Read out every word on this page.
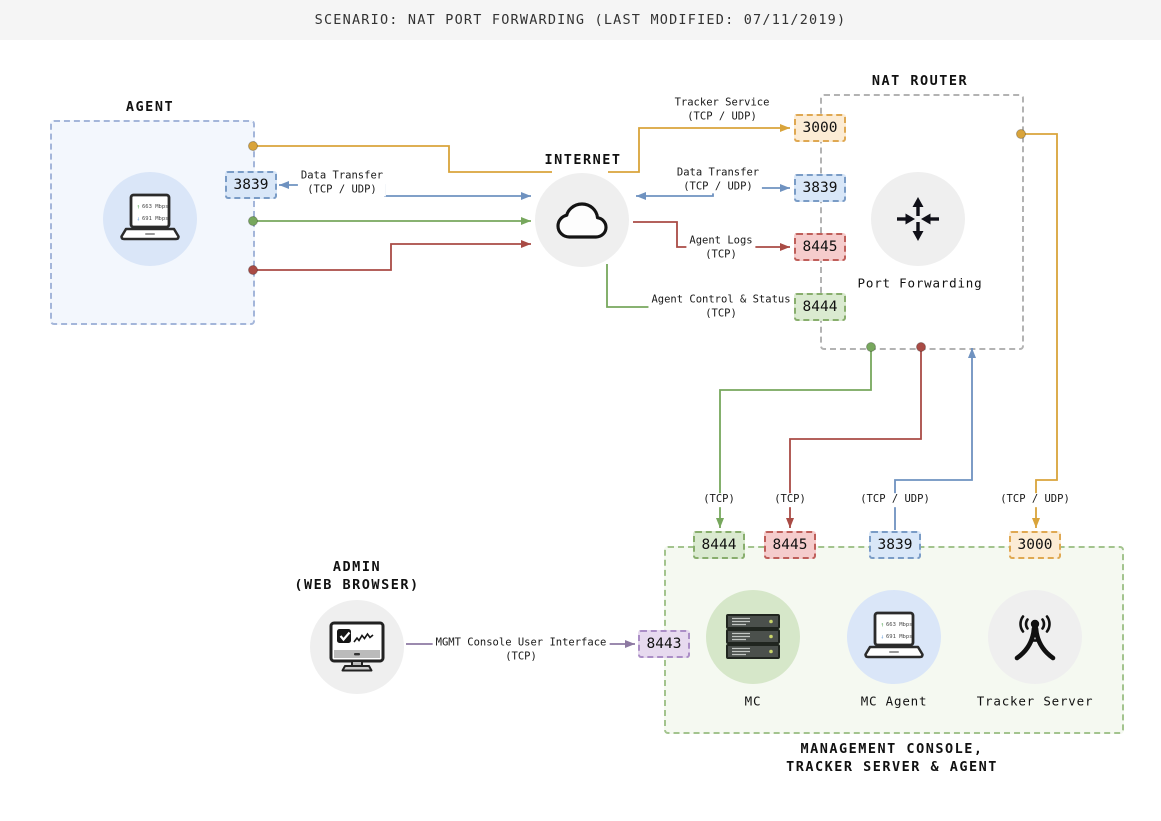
SCENARIO: NAT PORT FORWARDING (LAST MODIFIED: 07/11/2019)
↑ 663 Mbps
↓ 691 Mbps
↑ 663 Mbps
↓ 691 Mbps
3839
3000
3839
8445
8444
8444	8445	3839	3000
8443
AGENT
INTERNET
NAT ROUTER
Port Forwarding
ADMIN
(WEB BROWSER)
MC	MC Agent	Tracker Server
MANAGEMENT CONSOLE,
TRACKER SERVER & AGENT
Tracker Service
(TCP / UDP)
Data Transfer
(TCP / UDP)
Data Transfer
(TCP / UDP)
Agent Logs
(TCP)
Agent Control & Status
(TCP)
MGMT Console User Interface
(TCP)
(TCP)	(TCP)	(TCP / UDP)	(TCP / UDP)
